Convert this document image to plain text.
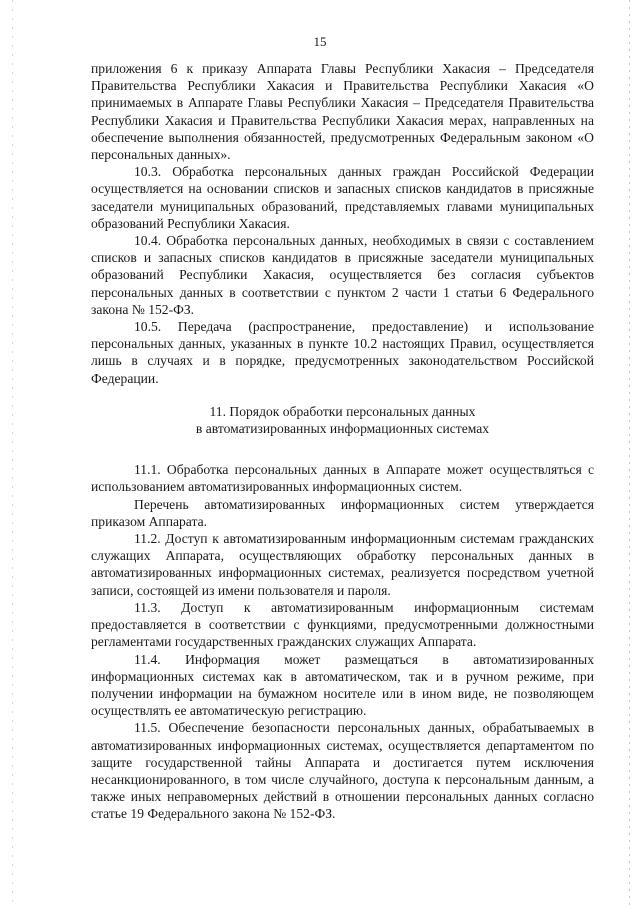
15

приложения 6 к приказу Аппарата Главы Республики Хакасия – Председателя Правительства Республики Хакасия и Правительства Республики Хакасия «О принимаемых в Аппарате Главы Республики Хакасия – Председателя Правительства Республики Хакасия и Правительства Республики Хакасия мерах, направленных на обеспечение выполнения обязанностей, предусмотренных Федеральным законом «О персональных данных».

10.3. Обработка персональных данных граждан Российской Федерации осуществляется на основании списков и запасных списков кандидатов в присяжные заседатели муниципальных образований, представляемых главами муниципальных образований Республики Хакасия.

10.4. Обработка персональных данных, необходимых в связи с составлением списков и запасных списков кандидатов в присяжные заседатели муниципальных образований Республики Хакасия, осуществляется без согласия субъектов персональных данных в соответствии с пунктом 2 части 1 статьи 6 Федерального закона № 152-ФЗ.

10.5. Передача (распространение, предоставление) и использование персональных данных, указанных в пункте 10.2 настоящих Правил, осуществляется лишь в случаях и в порядке, предусмотренных законодательством Российской Федерации.

11. Порядок обработки персональных данных
в автоматизированных информационных системах

11.1. Обработка персональных данных в Аппарате может осуществляться с использованием автоматизированных информационных систем.

Перечень автоматизированных информационных систем утверждается приказом Аппарата.

11.2. Доступ к автоматизированным информационным системам гражданских служащих Аппарата, осуществляющих обработку персональных данных в автоматизированных информационных системах, реализуется посредством учетной записи, состоящей из имени пользователя и пароля.

11.3. Доступ к автоматизированным информационным системам предоставляется в соответствии с функциями, предусмотренными должностными регламентами государственных гражданских служащих Аппарата.

11.4. Информация может размещаться в автоматизированных информационных системах как в автоматическом, так и в ручном режиме, при получении информации на бумажном носителе или в ином виде, не позволяющем осуществлять ее автоматическую регистрацию.

11.5. Обеспечение безопасности персональных данных, обрабатываемых в автоматизированных информационных системах, осуществляется департаментом по защите государственной тайны Аппарата и достигается путем исключения несанкционированного, в том числе случайного, доступа к персональным данным, а также иных неправомерных действий в отношении персональных данных согласно статье 19 Федерального закона № 152-ФЗ.
